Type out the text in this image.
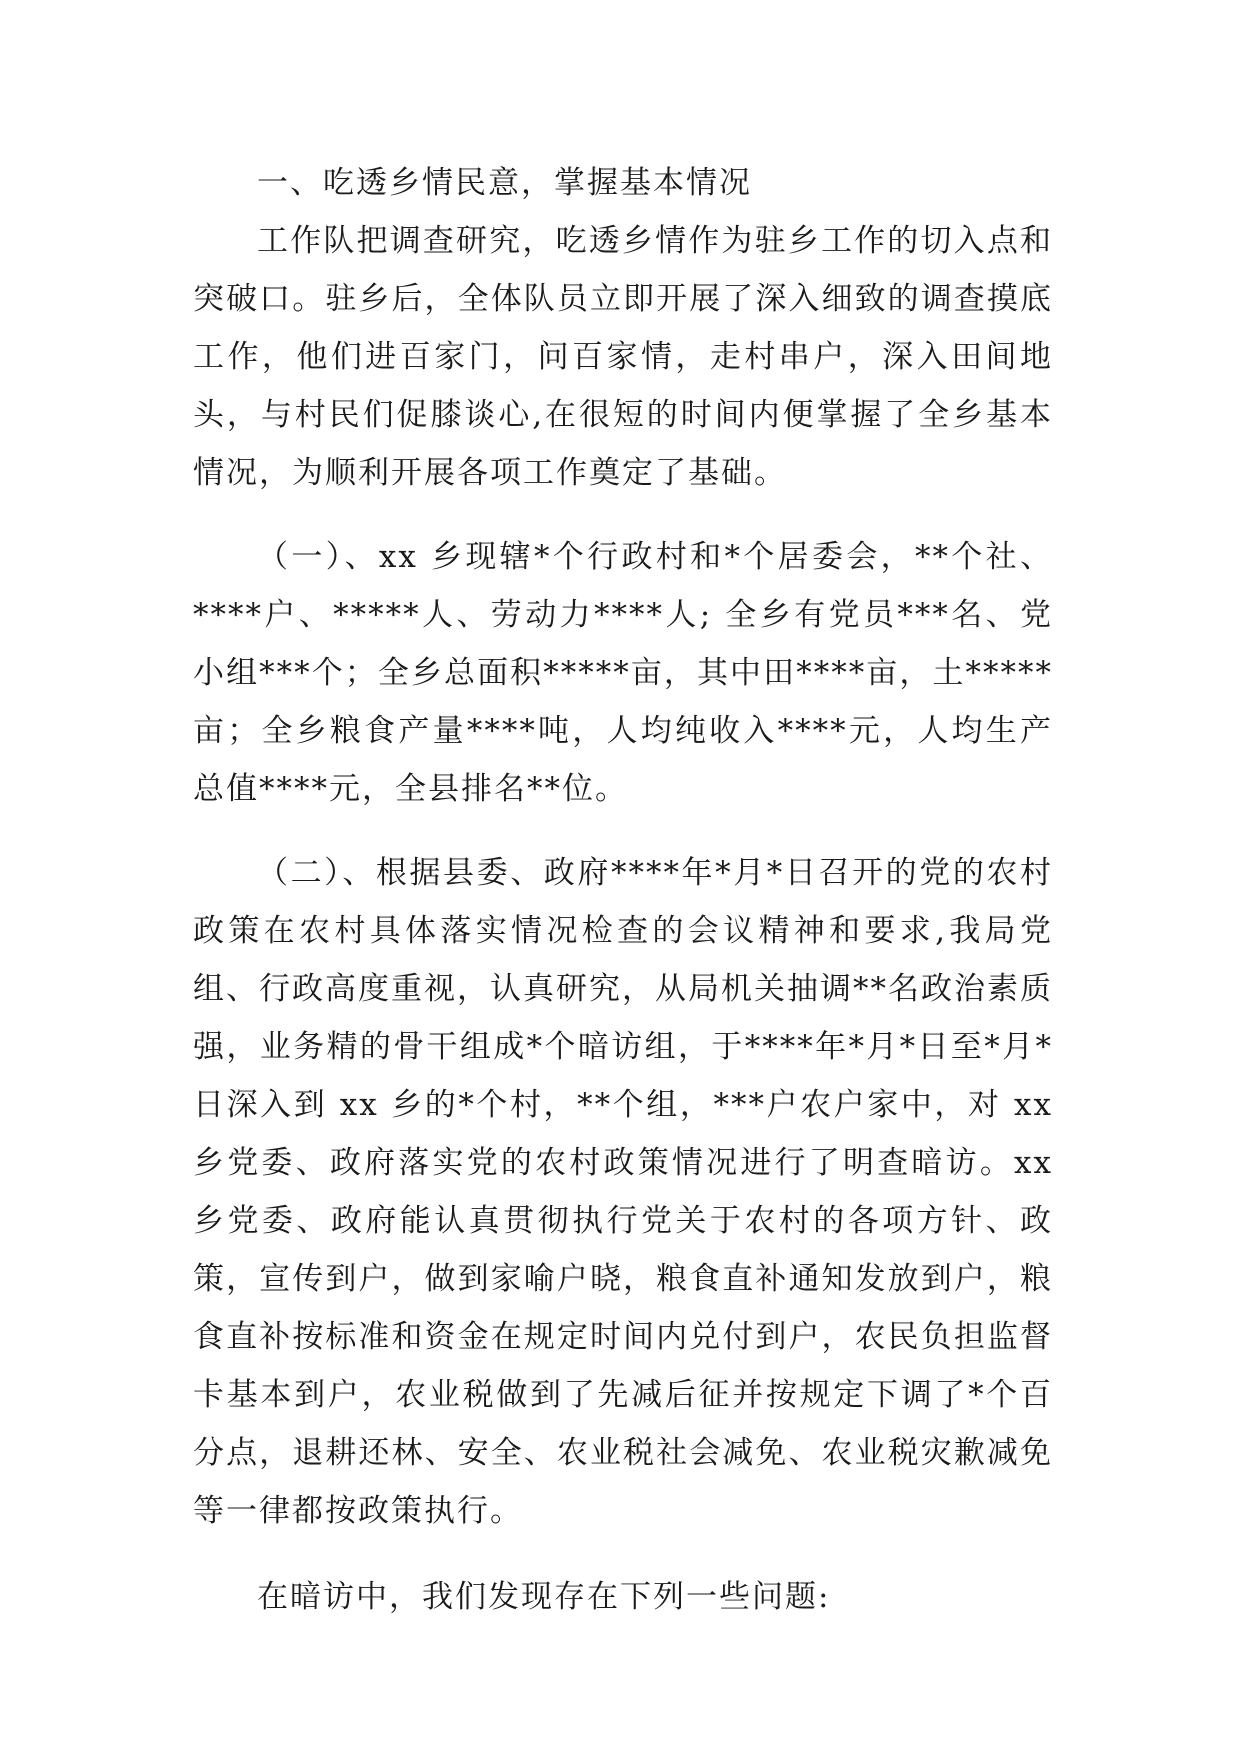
一、吃透乡情民意，掌握基本情况

工作队把调查研究，吃透乡情作为驻乡工作的切入点和突破口。驻乡后，全体队员立即开展了深入细致的调查摸底工作，他们进百家门，问百家情，走村串户，深入田间地头，与村民们促膝谈心,在很短的时间内便掌握了全乡基本情况，为顺利开展各项工作奠定了基础。

（一）、xx 乡现辖*个行政村和*个居委会，**个社、****户、*****人、劳动力****人; 全乡有党员***名、党小组***个；全乡总面积*****亩，其中田****亩，土*****亩；全乡粮食产量****吨，人均纯收入****元，人均生产总值****元，全县排名**位。

（二）、根据县委、政府****年*月*日召开的党的农村政策在农村具体落实情况检查的会议精神和要求,我局党组、行政高度重视，认真研究，从局机关抽调**名政治素质强，业务精的骨干组成*个暗访组，于****年*月*日至*月*日深入到 xx 乡的*个村，**个组，***户农户家中，对 xx 乡党委、政府落实党的农村政策情况进行了明查暗访。xx 乡党委、政府能认真贯彻执行党关于农村的各项方针、政策，宣传到户，做到家喻户晓，粮食直补通知发放到户，粮食直补按标准和资金在规定时间内兑付到户，农民负担监督卡基本到户，农业税做到了先减后征并按规定下调了*个百分点，退耕还林、安全、农业税社会减免、农业税灾歉减免等一律都按政策执行。

在暗访中，我们发现存在下列一些问题:
